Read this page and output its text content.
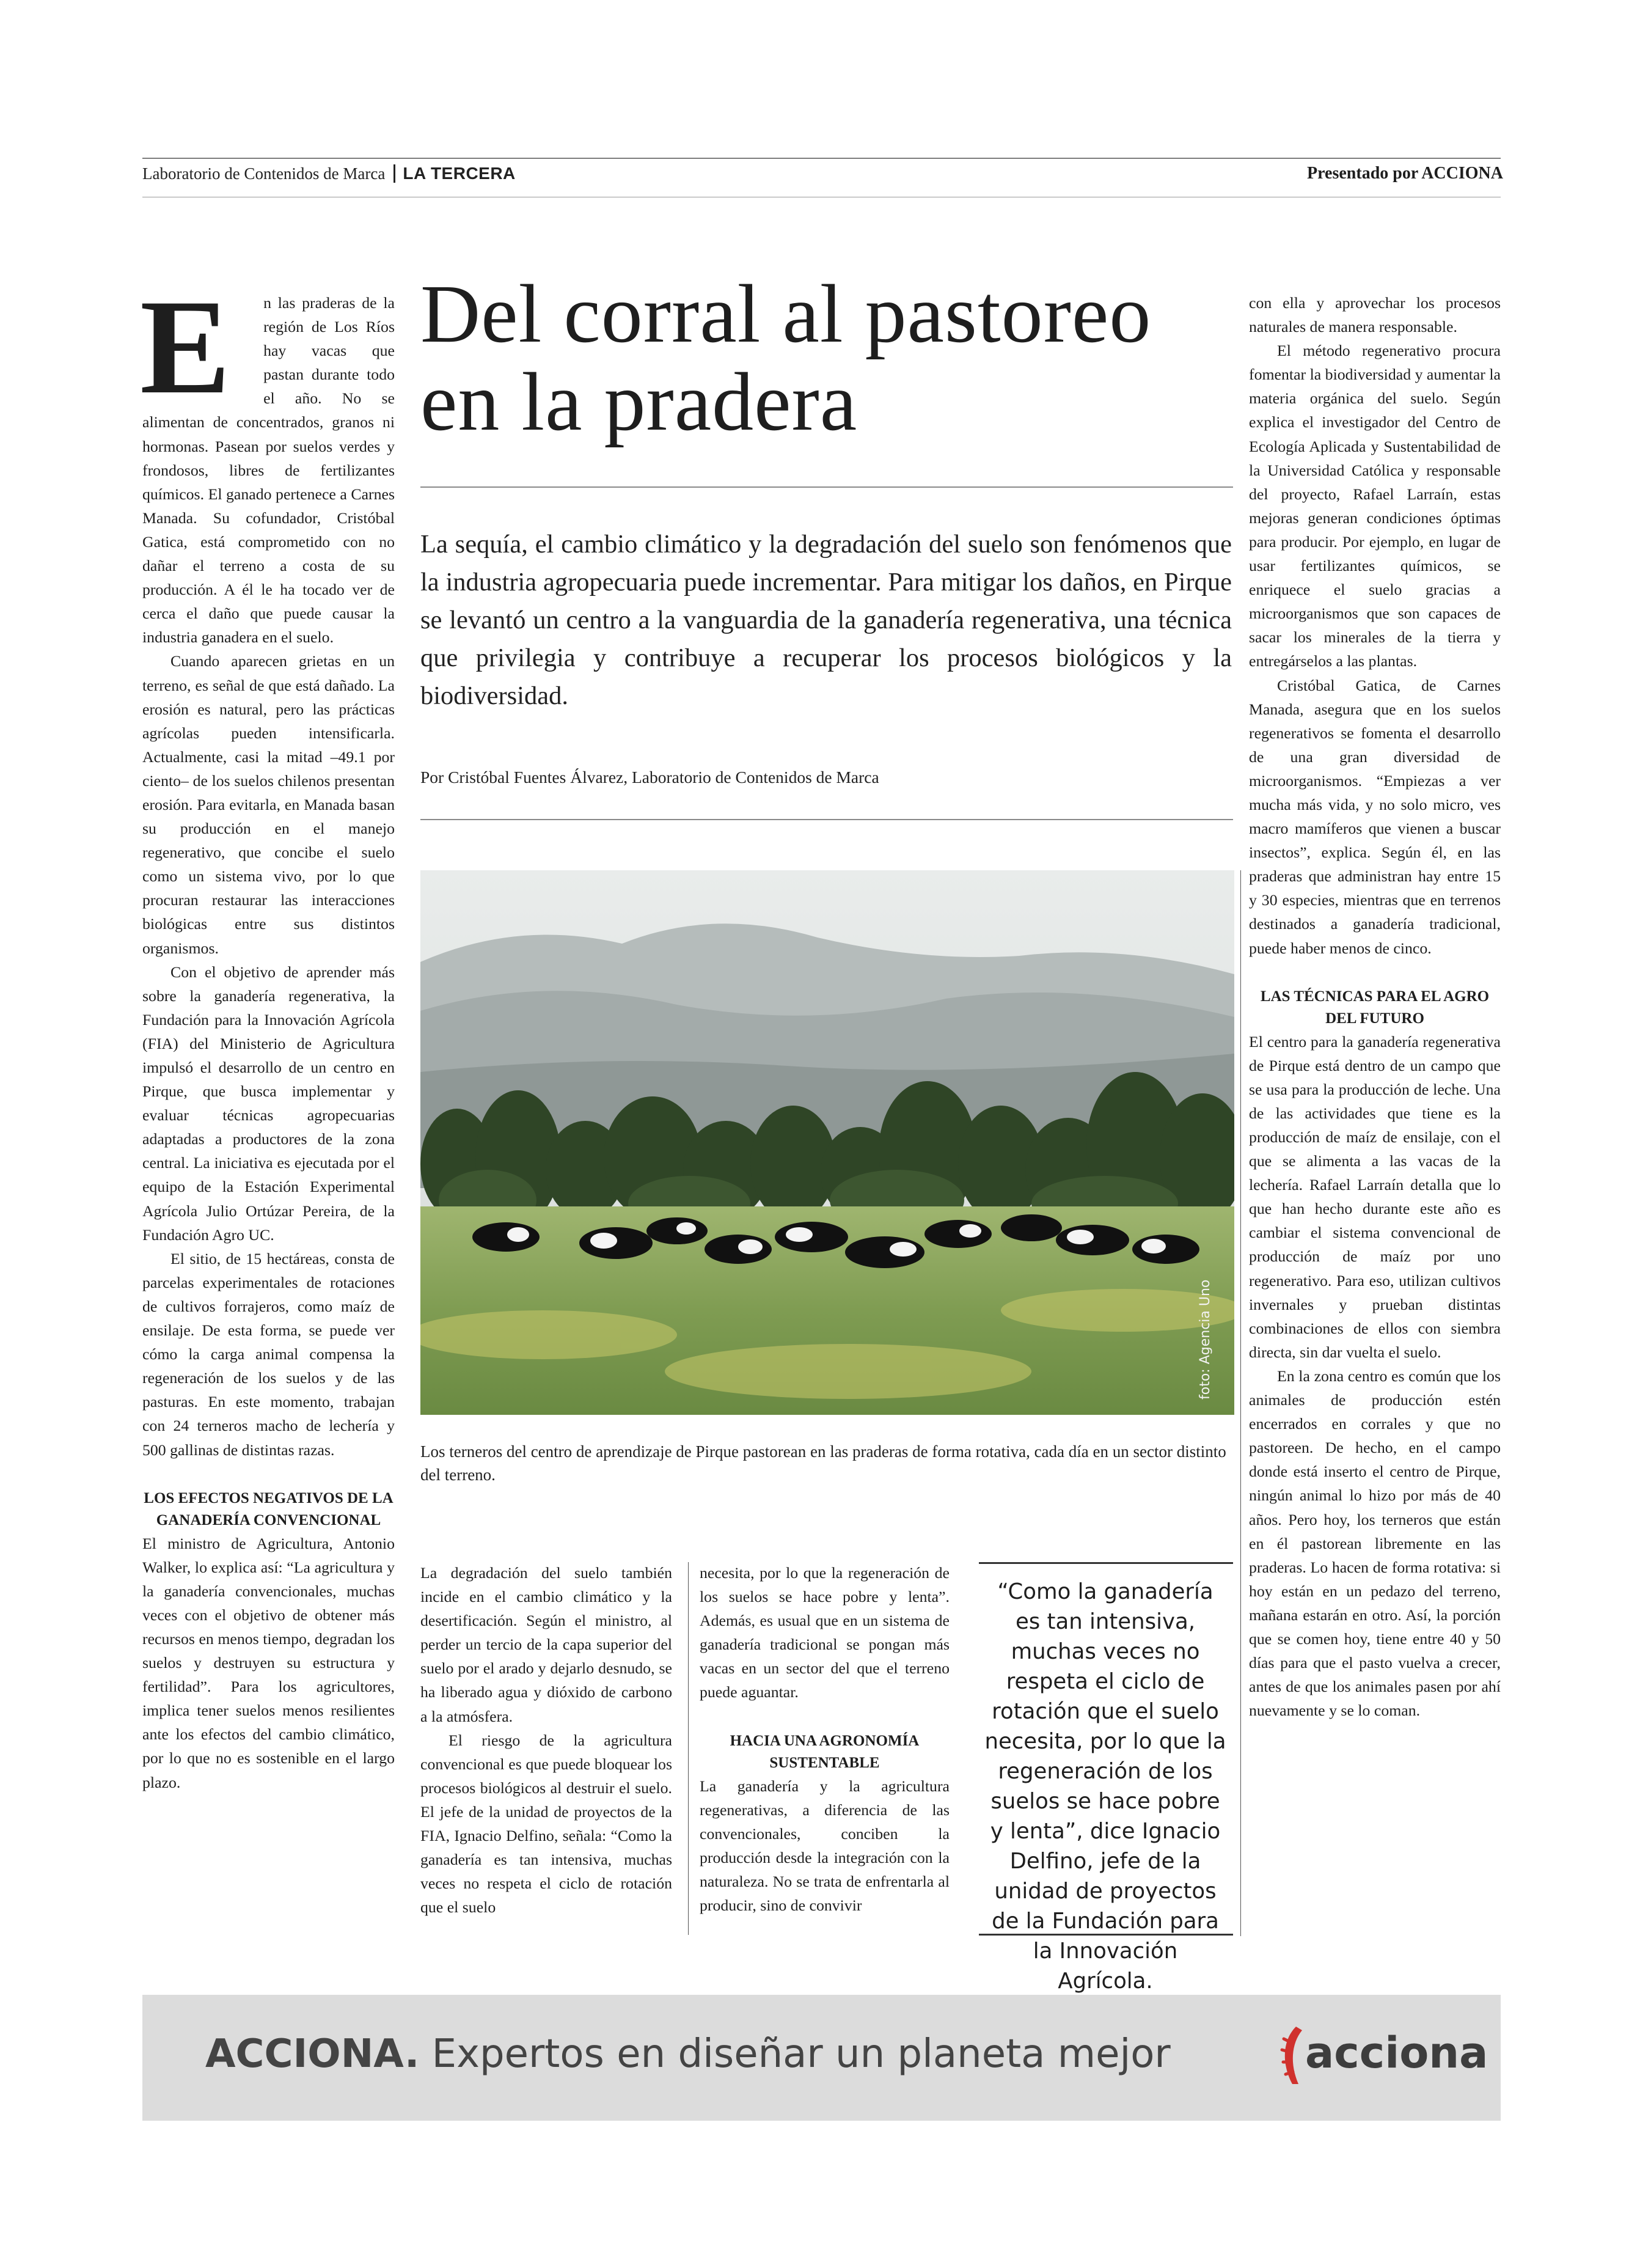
Laboratorio de Contenidos de Marca LA TERCERA	Presentado por ACCIONA
E	n las praderas de la región de Los Ríos hay vacas que pastan durante todo el año. No se alimentan de concentrados, granos ni hormonas. Pasean por suelos verdes y frondosos, libres de fertilizantes químicos. El ganado pertenece a Carnes Manada. Su cofundador, Cristóbal Gatica, está comprometido con no dañar el terreno a costa de su producción. A él le ha tocado ver de cerca el daño que puede causar la industria ganadera en el suelo.

Cuando aparecen grietas en un terreno, es señal de que está dañado. La erosión es natural, pero las prácticas agrícolas pueden intensificarla. Actualmente, casi la mitad –49.1 por ciento– de los suelos chilenos presentan erosión. Para evitarla, en Manada basan su producción en el manejo regenerativo, que concibe el suelo como un sistema vivo, por lo que procuran restaurar las interacciones biológicas entre sus distintos organismos.

Con el objetivo de aprender más sobre la ganadería regenerativa, la Fundación para la Innovación Agrícola (FIA) del Ministerio de Agricultura impulsó el desarrollo de un centro en Pirque, que busca implementar y evaluar técnicas agropecuarias adaptadas a productores de la zona central. La iniciativa es ejecutada por el equipo de la Estación Experimental Agrícola Julio Ortúzar Pereira, de la Fundación Agro UC.

El sitio, de 15 hectáreas, consta de parcelas experimentales de rotaciones de cultivos forrajeros, como maíz de ensilaje. De esta forma, se puede ver cómo la carga animal compensa la regeneración de los suelos y de las pasturas. En este momento, trabajan con 24 terneros macho de lechería y 500 gallinas de distintas razas.

LOS EFECTOS NEGATIVOS DE LA GANADERÍA CONVENCIONAL

El ministro de Agricultura, Antonio Walker, lo explica así: “La agricultura y la ganadería convencionales, muchas veces con el objetivo de obtener más recursos en menos tiempo, degradan los suelos y destruyen su estructura y fertilidad”. Para los agricultores, implica tener suelos menos resilientes ante los efectos del cambio climático, por lo que no es sostenible en el largo plazo.

Del corral al pastoreo
en la pradera
La sequía, el cambio climático y la degradación del suelo son fenómenos que la industria agropecuaria puede incrementar. Para mitigar los daños, en Pirque se levantó un centro a la vanguardia de la ganadería regenerativa, una técnica que privilegia y contribuye a recuperar los procesos biológicos y la biodiversidad.
Por Cristóbal Fuentes Álvarez, Laboratorio de Contenidos de Marca
foto: Agencia Uno
Los terneros del centro de aprendizaje de Pirque pastorean en las praderas de forma rotativa, cada día en un sector distinto del terreno.

La degradación del suelo también incide en el cambio climático y la desertificación. Según el ministro, al perder un tercio de la capa superior del suelo por el arado y dejarlo desnudo, se ha liberado agua y dióxido de carbono a la atmósfera.

El riesgo de la agricultura convencional es que puede bloquear los procesos biológicos al destruir el suelo. El jefe de la unidad de proyectos de la FIA, Ignacio Delfino, señala: “Como la ganadería es tan intensiva, muchas veces no respeta el ciclo de rotación que el suelo

necesita, por lo que la regeneración de los suelos se hace pobre y lenta”. Además, es usual que en un sistema de ganadería tradicional se pongan más vacas en un sector del que el terreno puede aguantar.

HACIA UNA AGRONOMÍA SUSTENTABLE

La ganadería y la agricultura regenerativas, a diferencia de las convencionales, conciben la producción desde la integración con la naturaleza. No se trata de enfrentarla al producir, sino de convivir

“Como la ganadería es tan intensiva, muchas veces no respeta el ciclo de rotación que el suelo necesita, por lo que la regeneración de los suelos se hace pobre y lenta”, dice Ignacio Delfino, jefe de la unidad de proyectos de la Fundación para la Innovación Agrícola.

con ella y aprovechar los procesos naturales de manera responsable.

El método regenerativo procura fomentar la biodiversidad y aumentar la materia orgánica del suelo. Según explica el investigador del Centro de Ecología Aplicada y Sustentabilidad de la Universidad Católica y responsable del proyecto, Rafael Larraín, estas mejoras generan condiciones óptimas para producir. Por ejemplo, en lugar de usar fertilizantes químicos, se enriquece el suelo gracias a microorganismos que son capaces de sacar los minerales de la tierra y entregárselos a las plantas.

Cristóbal Gatica, de Carnes Manada, asegura que en los suelos regenerativos se fomenta el desarrollo de una gran diversidad de microorganismos. “Empiezas a ver mucha más vida, y no solo micro, ves macro mamíferos que vienen a buscar insectos”, explica. Según él, en las praderas que administran hay entre 15 y 30 especies, mientras que en terrenos destinados a ganadería tradicional, puede haber menos de cinco.

LAS TÉCNICAS PARA EL AGRO DEL FUTURO

El centro para la ganadería regenerativa de Pirque está dentro de un campo que se usa para la producción de leche. Una de las actividades que tiene es la producción de maíz de ensilaje, con el que se alimenta a las vacas de la lechería. Rafael Larraín detalla que lo que han hecho durante este año es cambiar el sistema convencional de producción de maíz por uno regenerativo. Para eso, utilizan cultivos invernales y prueban distintas combinaciones de ellos con siembra directa, sin dar vuelta el suelo.

En la zona centro es común que los animales de producción estén encerrados en corrales y que no pastoreen. De hecho, en el campo donde está inserto el centro de Pirque, ningún animal lo hizo por más de 40 años. Pero hoy, los terneros que están en él pastorean libremente en las praderas. Lo hacen de forma rotativa: si hoy están en un pedazo del terreno, mañana estarán en otro. Así, la porción que se comen hoy, tiene entre 40 y 50 días para que el pasto vuelva a crecer, antes de que los animales pasen por ahí nuevamente y se lo coman.

ACCIONA. Expertos en diseñar un planeta mejor	acciona
